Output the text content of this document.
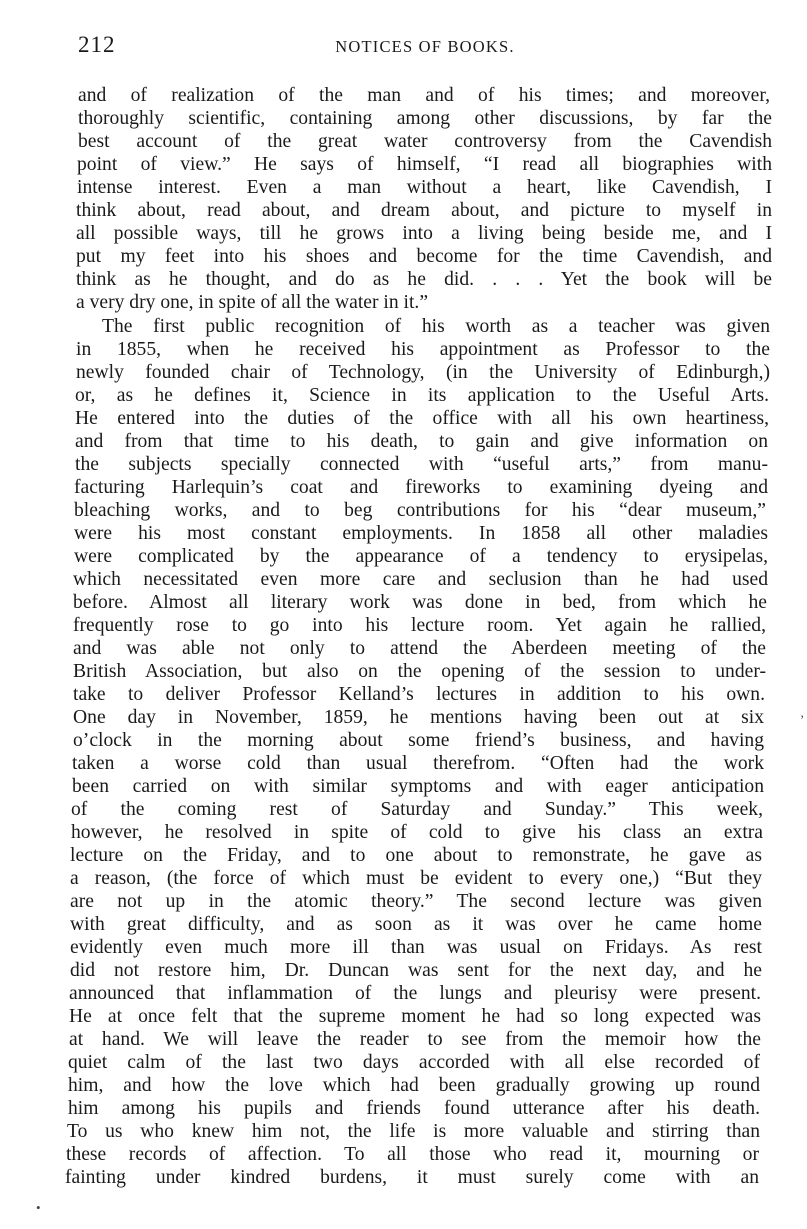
212	NOTICES OF BOOKS.
and of realization of the man and of his times; and moreover,
thoroughly scientific, containing among other discussions, by far the
best account of the great water controversy from the Cavendish
point of view.” He says of himself, “I read all biographies with
intense interest. Even a man without a heart, like Cavendish, I
think about, read about, and dream about, and picture to myself in
all possible ways, till he grows into a living being beside me, and I
put my feet into his shoes and become for the time Cavendish, and
think as he thought, and do as he did. . . . Yet the book will be
a very dry one, in spite of all the water in it.”
The first public recognition of his worth as a teacher was given
in 1855, when he received his appointment as Professor to the
newly founded chair of Technology, (in the University of Edinburgh,)
or, as he defines it, Science in its application to the Useful Arts.
He entered into the duties of the office with all his own heartiness,
and from that time to his death, to gain and give information on
the subjects specially connected with “useful arts,” from manu-
facturing Harlequin’s coat and fireworks to examining dyeing and
bleaching works, and to beg contributions for his “dear museum,”
were his most constant employments. In 1858 all other maladies
were complicated by the appearance of a tendency to erysipelas,
which necessitated even more care and seclusion than he had used
before. Almost all literary work was done in bed, from which he
frequently rose to go into his lecture room. Yet again he rallied,
and was able not only to attend the Aberdeen meeting of the
British Association, but also on the opening of the session to under-
take to deliver Professor Kelland’s lectures in addition to his own.
One day in November, 1859, he mentions having been out at six
o’clock in the morning about some friend’s business, and having
taken a worse cold than usual therefrom. “Often had the work
been carried on with similar symptoms and with eager anticipation
of the coming rest of Saturday and Sunday.” This week,
however, he resolved in spite of cold to give his class an extra
lecture on the Friday, and to one about to remonstrate, he gave as
a reason, (the force of which must be evident to every one,) “But they
are not up in the atomic theory.” The second lecture was given
with great difficulty, and as soon as it was over he came home
evidently even much more ill than was usual on Fridays. As rest
did not restore him, Dr. Duncan was sent for the next day, and he
announced that inflammation of the lungs and pleurisy were present.
He at once felt that the supreme moment he had so long expected was
at hand. We will leave the reader to see from the memoir how the
quiet calm of the last two days accorded with all else recorded of
him, and how the love which had been gradually growing up round
him among his pupils and friends found utterance after his death.
To us who knew him not, the life is more valuable and stirring than
these records of affection. To all those who read it, mourning or
fainting under kindred burdens, it must surely come with an
’
•
